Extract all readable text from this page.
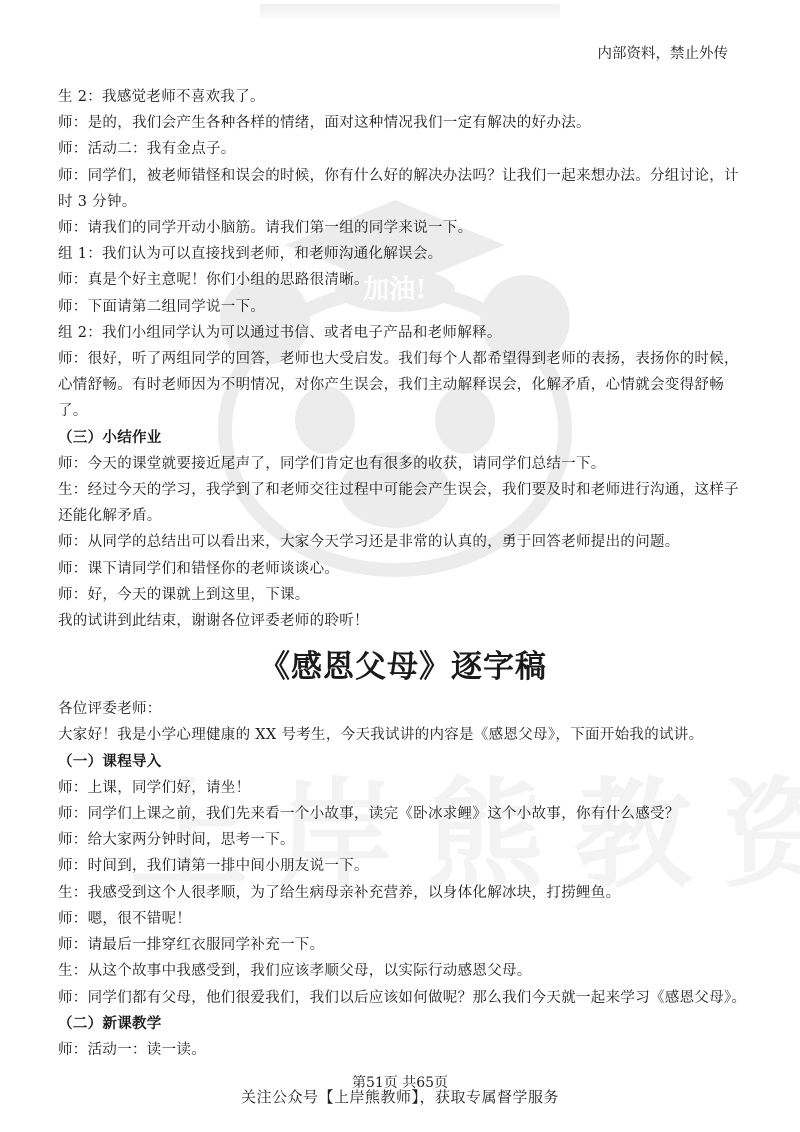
加油!
内部资料，禁止外传

生 2：我感觉老师不喜欢我了。

师：是的，我们会产生各种各样的情绪，面对这种情况我们一定有解决的好办法。

师：活动二：我有金点子。

师：同学们，被老师错怪和误会的时候，你有什么好的解决办法吗？让我们一起来想办法。分组讨论，计时 3 分钟。

师：请我们的同学开动小脑筋。请我们第一组的同学来说一下。

组 1：我们认为可以直接找到老师，和老师沟通化解误会。

师：真是个好主意呢！你们小组的思路很清晰。

师：下面请第二组同学说一下。

组 2：我们小组同学认为可以通过书信、或者电子产品和老师解释。

师：很好，听了两组同学的回答，老师也大受启发。我们每个人都希望得到老师的表扬，表扬你的时候，心情舒畅。有时老师因为不明情况，对你产生误会，我们主动解释误会，化解矛盾，心情就会变得舒畅了。

（三）小结作业

师：今天的课堂就要接近尾声了，同学们肯定也有很多的收获，请同学们总结一下。

生：经过今天的学习，我学到了和老师交往过程中可能会产生误会，我们要及时和老师进行沟通，这样子还能化解矛盾。

师：从同学的总结出可以看出来，大家今天学习还是非常的认真的，勇于回答老师提出的问题。

师：课下请同学们和错怪你的老师谈谈心。

师：好，今天的课就上到这里，下课。

我的试讲到此结束，谢谢各位评委老师的聆听！

《感恩父母》逐字稿

各位评委老师：

大家好！我是小学心理健康的 XX 号考生，今天我试讲的内容是《感恩父母》，下面开始我的试讲。

（一）课程导入

师：上课，同学们好，请坐！

师：同学们上课之前，我们先来看一个小故事，读完《卧冰求鲤》这个小故事，你有什么感受？

师：给大家两分钟时间，思考一下。

师：时间到，我们请第一排中间小朋友说一下。

生：我感受到这个人很孝顺，为了给生病母亲补充营养，以身体化解冰块，打捞鲤鱼。

师：嗯，很不错呢！

师：请最后一排穿红衣服同学补充一下。

生：从这个故事中我感受到，我们应该孝顺父母，以实际行动感恩父母。

师：同学们都有父母，他们很爱我们，我们以后应该如何做呢？那么我们今天就一起来学习《感恩父母》。

（二）新课教学

师：活动一：读一读。

第51页 共65页
关注公众号【上岸熊教师】，获取专属督学服务
